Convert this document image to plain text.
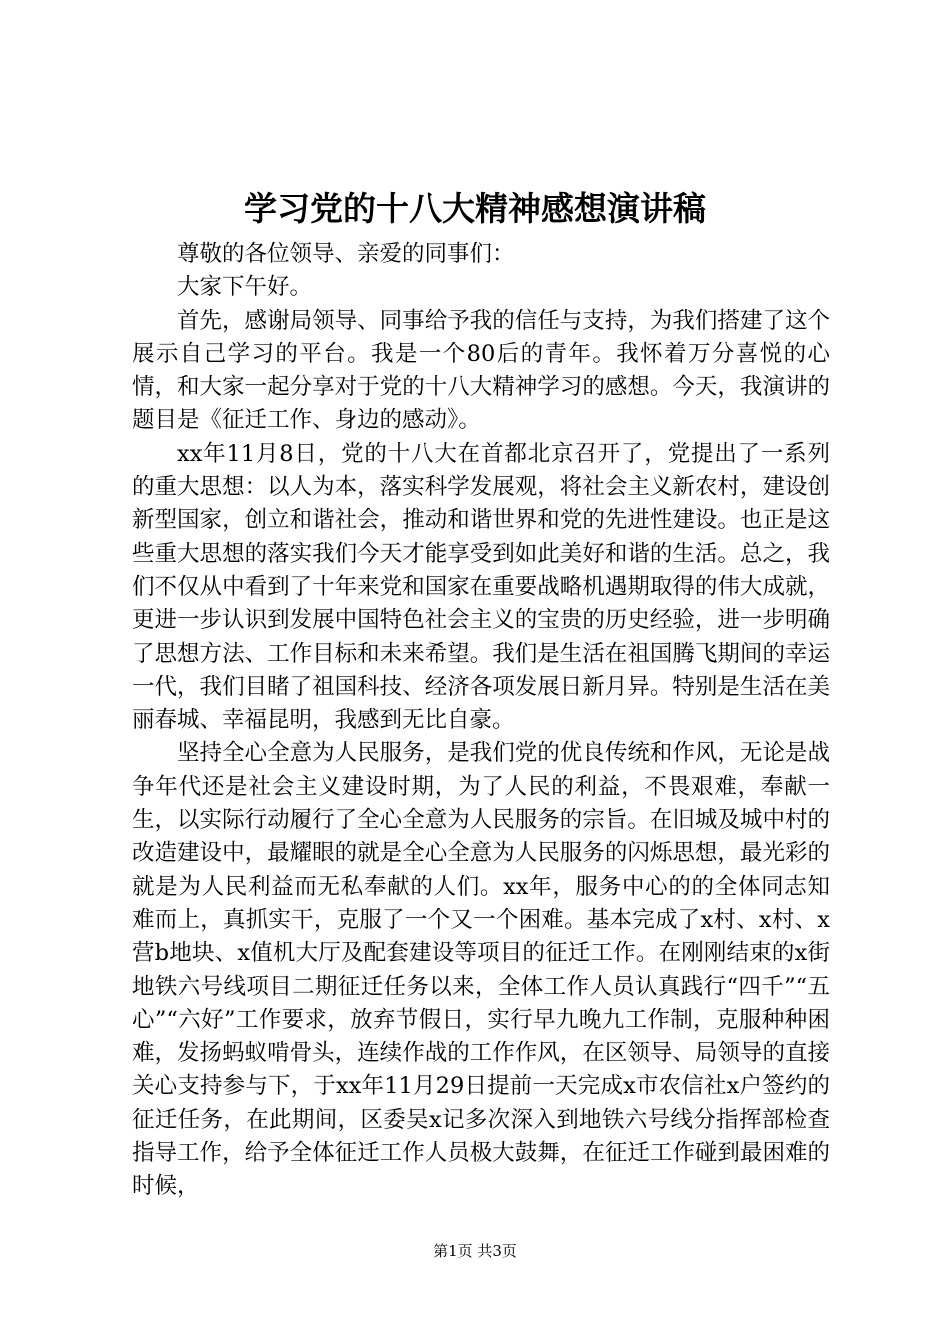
学习党的十八大精神感想演讲稿

尊敬的各位领导、亲爱的同事们：

大家下午好。

首先，感谢局领导、同事给予我的信任与支持，为我们搭建了这个展示自己学习的平台。我是一个80后的青年。我怀着万分喜悦的心情，和大家一起分享对于党的十八大精神学习的感想。今天，我演讲的题目是《征迁工作、身边的感动》。

xx年11月8日，党的十八大在首都北京召开了，党提出了一系列的重大思想：以人为本，落实科学发展观，将社会主义新农村，建设创新型国家，创立和谐社会，推动和谐世界和党的先进性建设。也正是这些重大思想的落实我们今天才能享受到如此美好和谐的生活。总之，我们不仅从中看到了十年来党和国家在重要战略机遇期取得的伟大成就，更进一步认识到发展中国特色社会主义的宝贵的历史经验，进一步明确了思想方法、工作目标和未来希望。我们是生活在祖国腾飞期间的幸运一代，我们目睹了祖国科技、经济各项发展日新月异。特别是生活在美丽春城、幸福昆明，我感到无比自豪。

坚持全心全意为人民服务，是我们党的优良传统和作风，无论是战争年代还是社会主义建设时期，为了人民的利益，不畏艰难，奉献一生，以实际行动履行了全心全意为人民服务的宗旨。在旧城及城中村的改造建设中，最耀眼的就是全心全意为人民服务的闪烁思想，最光彩的就是为人民利益而无私奉献的人们。xx年，服务中心的的全体同志知难而上，真抓实干，克服了一个又一个困难。基本完成了x村、x村、x营b地块、x值机大厅及配套建设等项目的征迁工作。在刚刚结束的x街地铁六号线项目二期征迁任务以来，全体工作人员认真践行“四千”“五心”“六好”工作要求，放弃节假日，实行早九晚九工作制，克服种种困难，发扬蚂蚁啃骨头，连续作战的工作作风，在区领导、局领导的直接关心支持参与下，于xx年11月29日提前一天完成x市农信社x户签约的征迁任务，在此期间，区委吴x记多次深入到地铁六号线分指挥部检查指导工作，给予全体征迁工作人员极大鼓舞，在征迁工作碰到最困难的时候，

第1页 共3页
